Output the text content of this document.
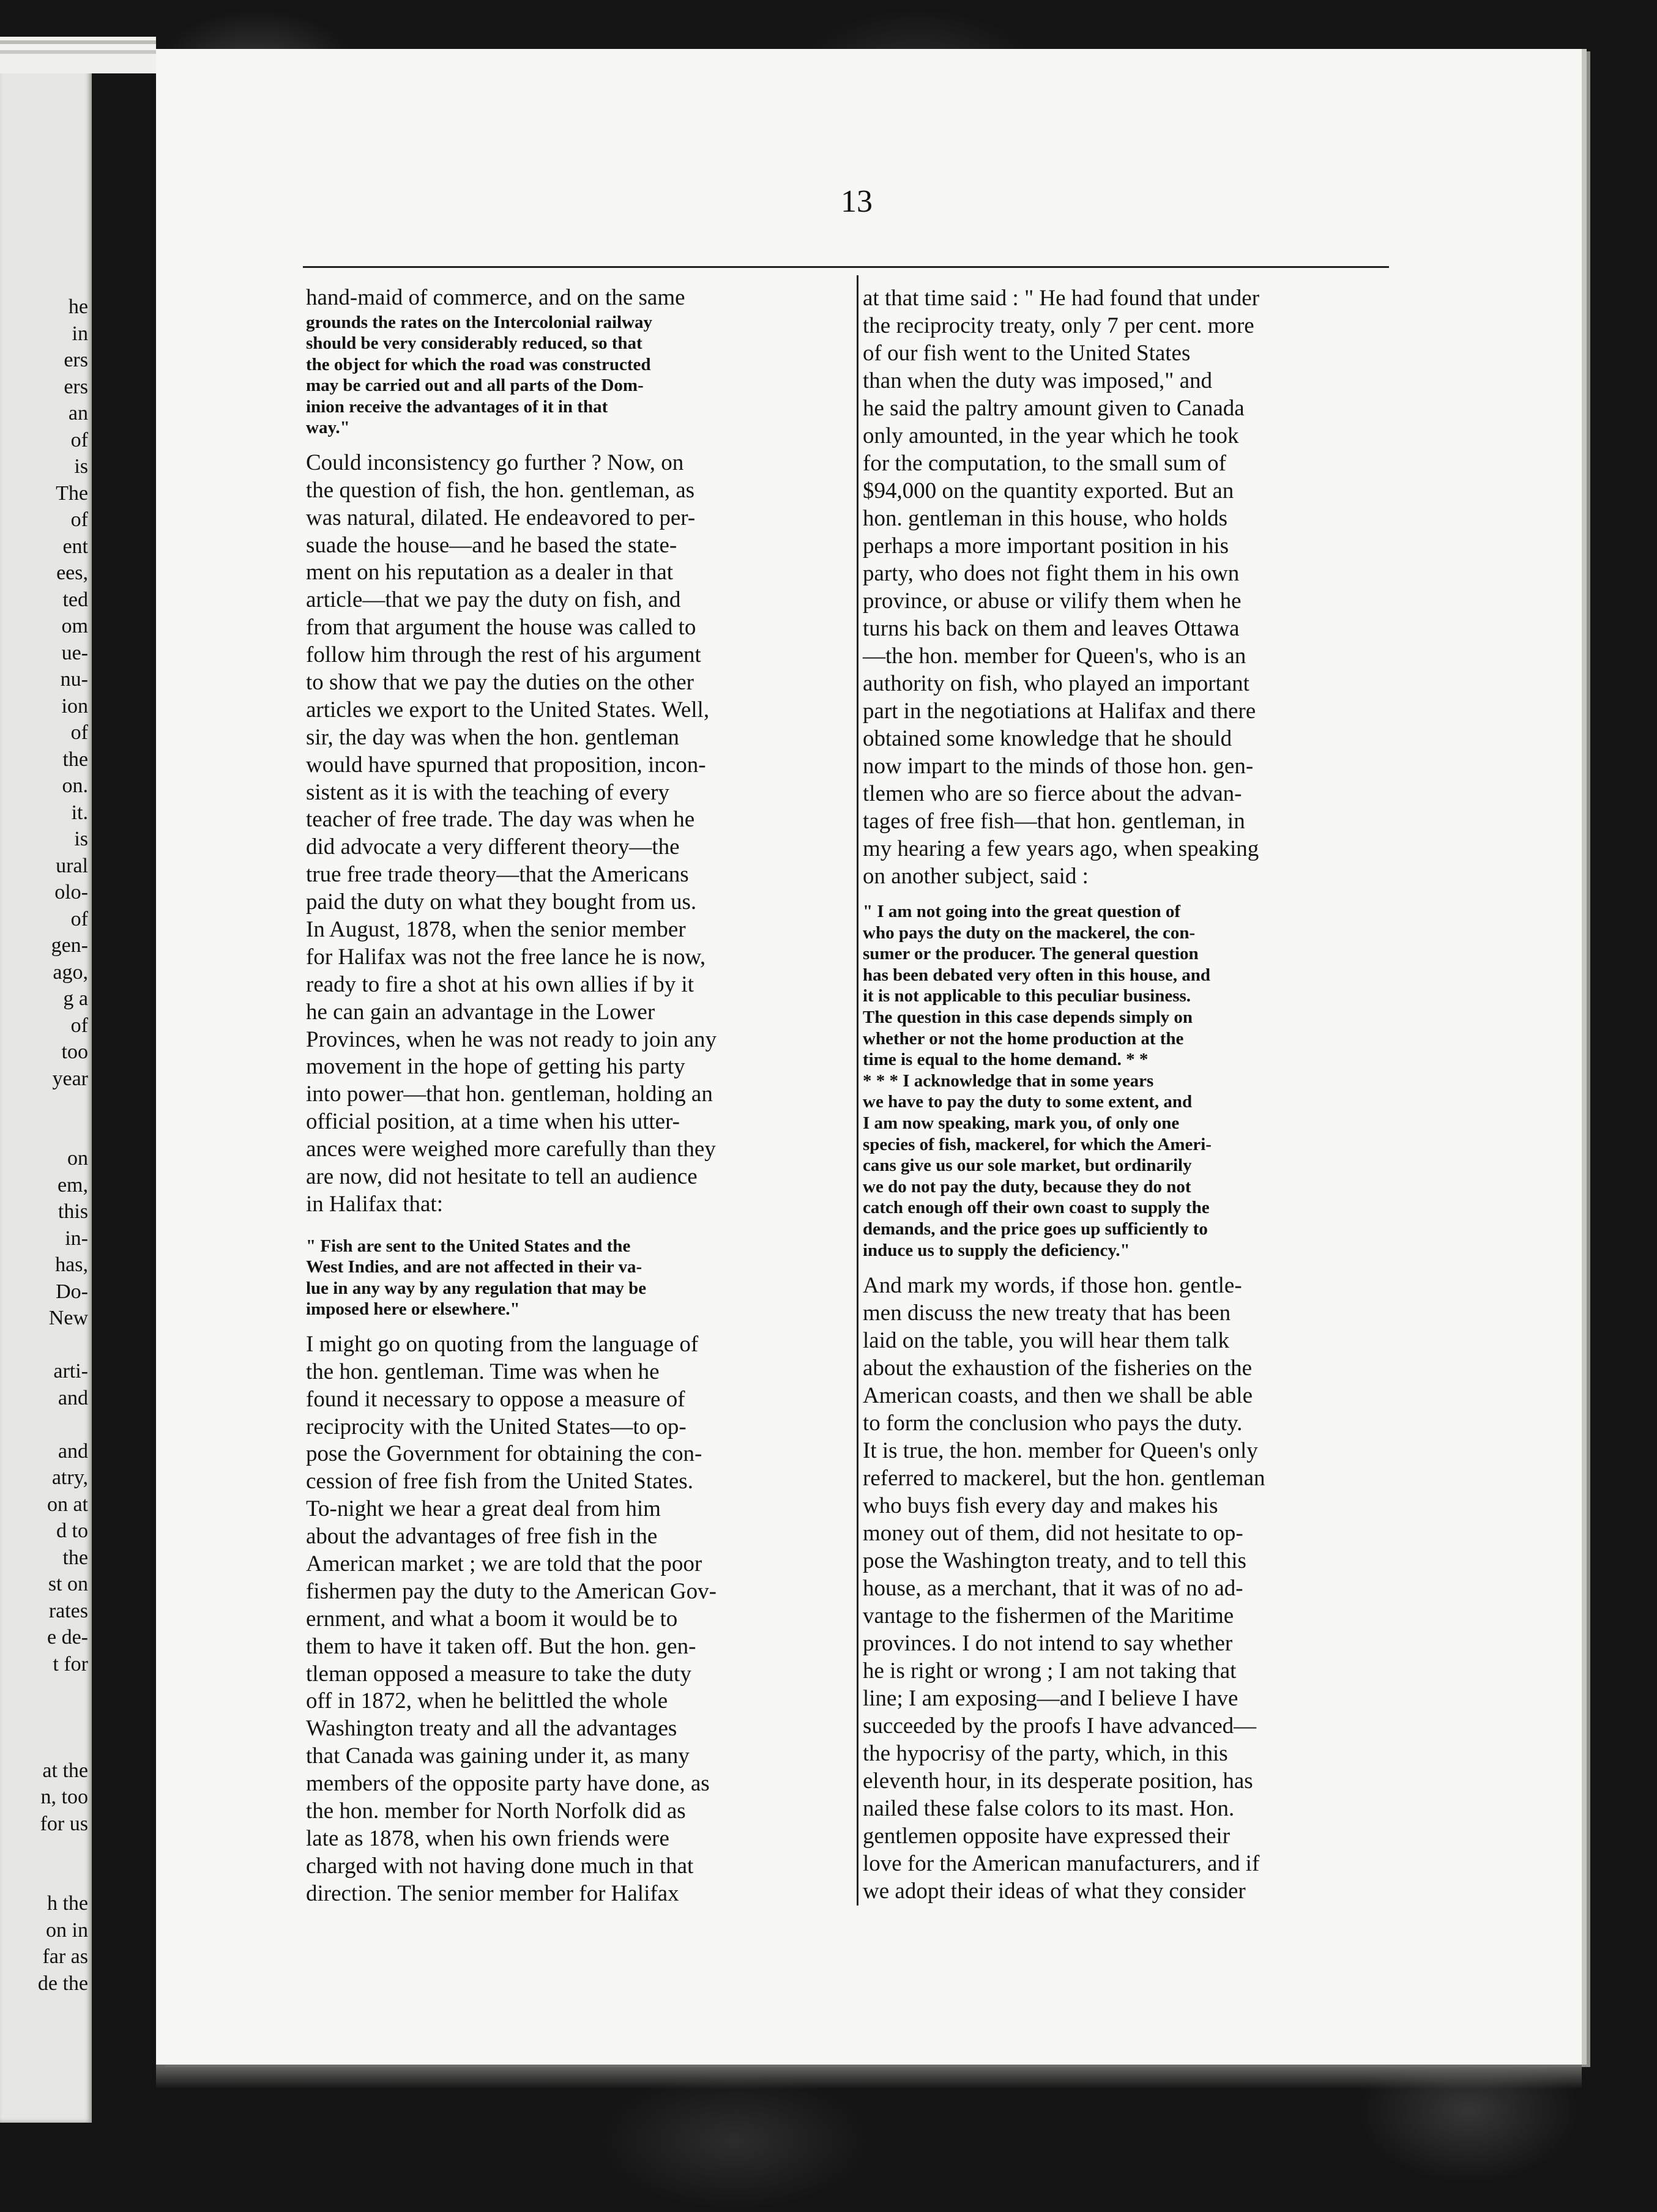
he
in
ers
ers
an
of
is
The
of
ent
ees,
ted
om
ue-
nu-
ion
of
the
on.
it.
is
ural
olo-
of
gen-
ago,
g a
of
too
year
on
em,
this
in-
has,
Do-
New
arti-
and
and
atry,
on at
d to
the
st on
rates
e de-
t for
at the
n, too
for us
h the
on in
far as
de the
13
hand-maid of commerce, and on the same
grounds the rates on the Intercolonial railway
should be very considerably reduced, so that
the object for which the road was constructed
may be carried out and all parts of the Dom-
inion receive the advantages of it in that
way."
Could inconsistency go further ? Now, on
the question of fish, the hon. gentleman, as
was natural, dilated. He endeavored to per-
suade the house—and he based the state-
ment on his reputation as a dealer in that
article—that we pay the duty on fish, and
from that argument the house was called to
follow him through the rest of his argument
to show that we pay the duties on the other
articles we export to the United States. Well,
sir, the day was when the hon. gentleman
would have spurned that proposition, incon-
sistent as it is with the teaching of every
teacher of free trade. The day was when he
did advocate a very different theory—the
true free trade theory—that the Americans
paid the duty on what they bought from us.
In August, 1878, when the senior member
for Halifax was not the free lance he is now,
ready to fire a shot at his own allies if by it
he can gain an advantage in the Lower
Provinces, when he was not ready to join any
movement in the hope of getting his party
into power—that hon. gentleman, holding an
official position, at a time when his utter-
ances were weighed more carefully than they
are now, did not hesitate to tell an audience
in Halifax that:
" Fish are sent to the United States and the
West Indies, and are not affected in their va-
lue in any way by any regulation that may be
imposed here or elsewhere."
I might go on quoting from the language of
the hon. gentleman. Time was when he
found it necessary to oppose a measure of
reciprocity with the United States—to op-
pose the Government for obtaining the con-
cession of free fish from the United States.
To-night we hear a great deal from him
about the advantages of free fish in the
American market ; we are told that the poor
fishermen pay the duty to the American Gov-
ernment, and what a boom it would be to
them to have it taken off. But the hon. gen-
tleman opposed a measure to take the duty
off in 1872, when he belittled the whole
Washington treaty and all the advantages
that Canada was gaining under it, as many
members of the opposite party have done, as
the hon. member for North Norfolk did as
late as 1878, when his own friends were
charged with not having done much in that
direction. The senior member for Halifax
at that time said : " He had found that under
the reciprocity treaty, only 7 per cent. more
of our fish went to the United States
than when the duty was imposed," and
he said the paltry amount given to Canada
only amounted, in the year which he took
for the computation, to the small sum of
$94,000 on the quantity exported. But an
hon. gentleman in this house, who holds
perhaps a more important position in his
party, who does not fight them in his own
province, or abuse or vilify them when he
turns his back on them and leaves Ottawa
—the hon. member for Queen's, who is an
authority on fish, who played an important
part in the negotiations at Halifax and there
obtained some knowledge that he should
now impart to the minds of those hon. gen-
tlemen who are so fierce about the advan-
tages of free fish—that hon. gentleman, in
my hearing a few years ago, when speaking
on another subject, said :
" I am not going into the great question of
who pays the duty on the mackerel, the con-
sumer or the producer. The general question
has been debated very often in this house, and
it is not applicable to this peculiar business.
The question in this case depends simply on
whether or not the home production at the
time is equal to the home demand. * *
* * * I acknowledge that in some years
we have to pay the duty to some extent, and
I am now speaking, mark you, of only one
species of fish, mackerel, for which the Ameri-
cans give us our sole market, but ordinarily
we do not pay the duty, because they do not
catch enough off their own coast to supply the
demands, and the price goes up sufficiently to
induce us to supply the deficiency."
And mark my words, if those hon. gentle-
men discuss the new treaty that has been
laid on the table, you will hear them talk
about the exhaustion of the fisheries on the
American coasts, and then we shall be able
to form the conclusion who pays the duty.
It is true, the hon. member for Queen's only
referred to mackerel, but the hon. gentleman
who buys fish every day and makes his
money out of them, did not hesitate to op-
pose the Washington treaty, and to tell this
house, as a merchant, that it was of no ad-
vantage to the fishermen of the Maritime
provinces. I do not intend to say whether
he is right or wrong ; I am not taking that
line; I am exposing—and I believe I have
succeeded by the proofs I have advanced—
the hypocrisy of the party, which, in this
eleventh hour, in its desperate position, has
nailed these false colors to its mast. Hon.
gentlemen opposite have expressed their
love for the American manufacturers, and if
we adopt their ideas of what they consider
